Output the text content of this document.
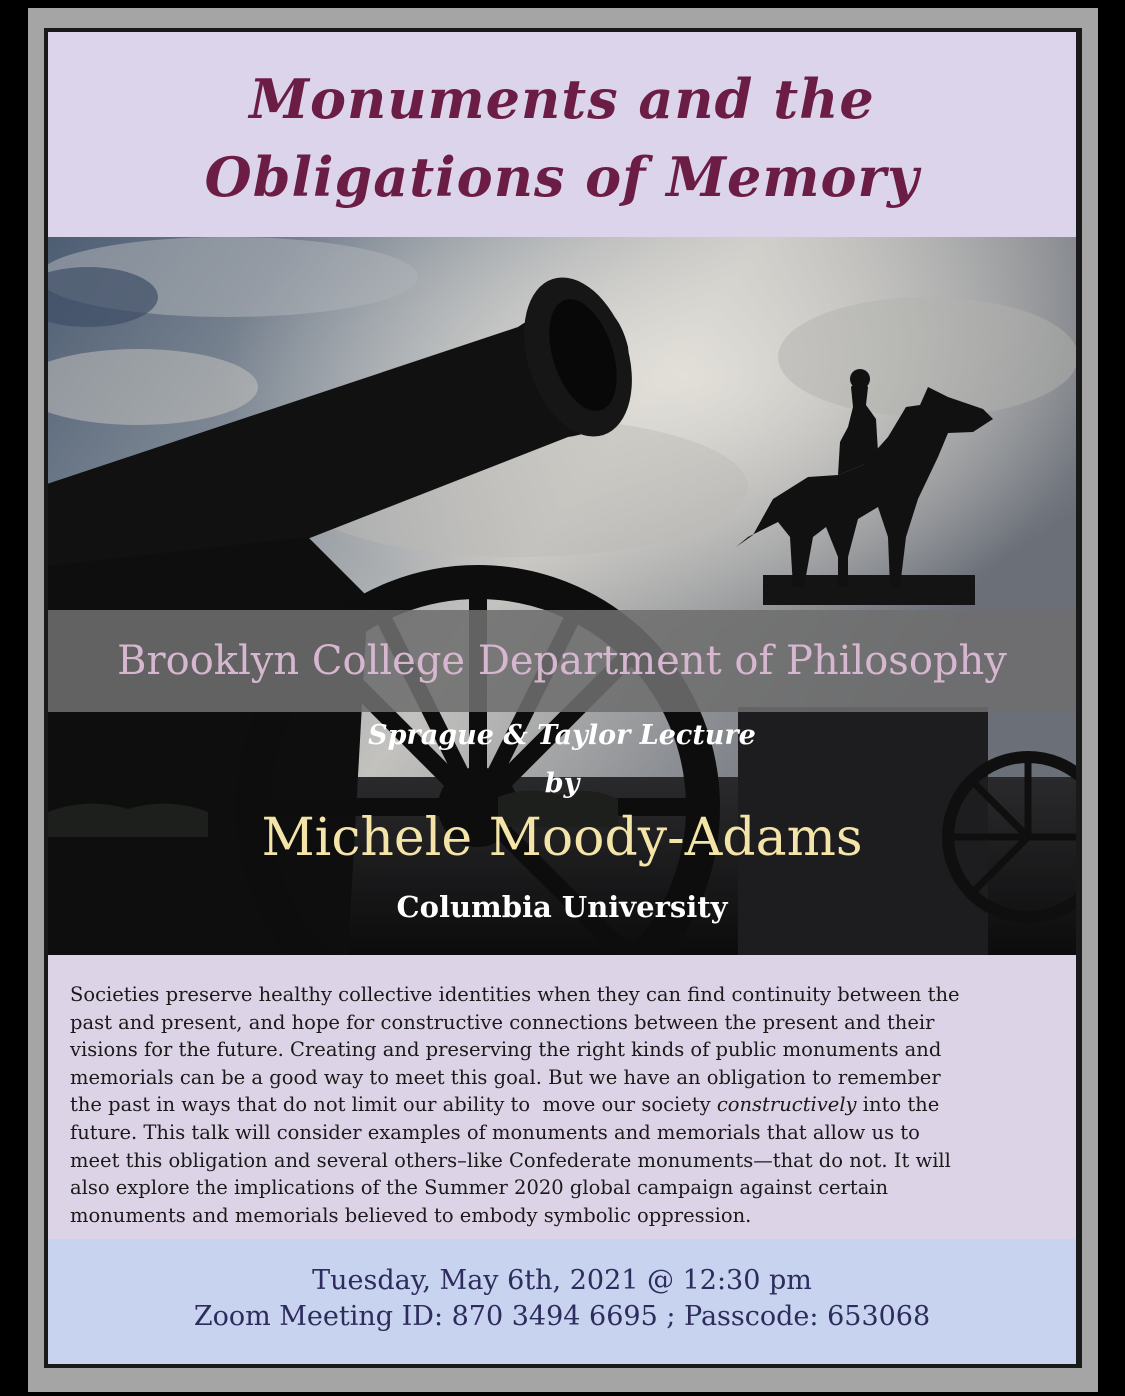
Monuments and the
Obligations of Memory
Brooklyn College Department of Philosophy
Sprague & Taylor Lecture
by
Michele Moody-Adams
Columbia University
Societies preserve healthy collective identities when they can find continuity between the
past and present, and hope for constructive connections between the present and their
visions for the future. Creating and preserving the right kinds of public monuments and
memorials can be a good way to meet this goal. But we have an obligation to remember
the past in ways that do not limit our ability to  move our society constructively into the
future. This talk will consider examples of monuments and memorials that allow us to
meet this obligation and several others–like Confederate monuments—that do not. It will
also explore the implications of the Summer 2020 global campaign against certain
monuments and memorials believed to embody symbolic oppression.
Tuesday, May 6th, 2021 @ 12:30 pm
Zoom Meeting ID: 870 3494 6695 ; Passcode: 653068
